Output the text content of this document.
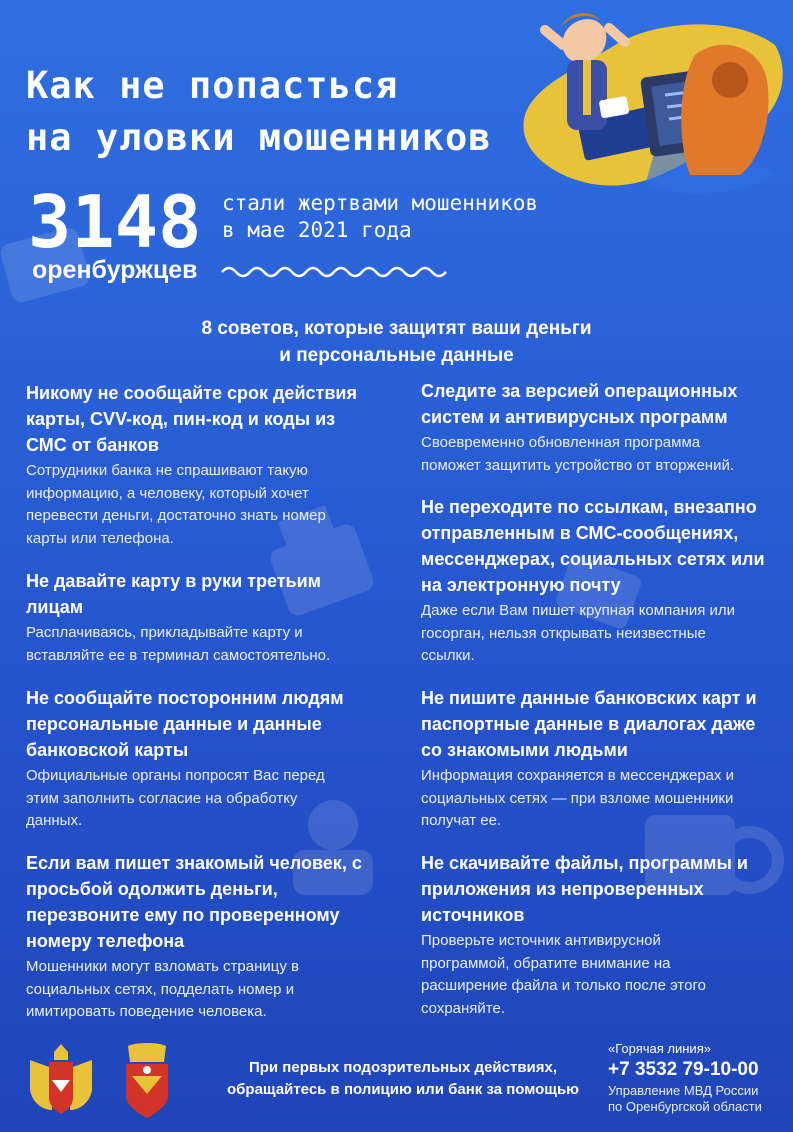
Как не попасться
на уловки мошенников
3148
оренбуржцев
стали жертвами мошенников
в мае 2021 года
8 советов, которые защитят ваши деньги
и персональные данные
Никому не сообщайте срок действия
карты, CVV-код, пин-код и коды из
СМС от банков

Сотрудники банка не спрашивают такую
информацию, а человеку, который хочет
перевести деньги, достаточно знать номер
карты или телефона.

Не давайте карту в руки третьим
лицам

Расплачиваясь, прикладывайте карту и
вставляйте ее в терминал самостоятельно.

Не сообщайте посторонним людям
персональные данные и данные
банковской карты

Официальные органы попросят Вас перед
этим заполнить согласие на обработку
данных.

Если вам пишет знакомый человек, с
просьбой одолжить деньги,
перезвоните ему по проверенному
номеру телефона

Мошенники могут взломать страницу в
социальных сетях, подделать номер и
имитировать поведение человека.

Следите за версией операционных
систем и антивирусных программ

Своевременно обновленная программа
поможет защитить устройство от вторжений.

Не переходите по ссылкам, внезапно
отправленным в СМС-сообщениях,
мессенджерах, социальных сетях или
на электронную почту

Даже если Вам пишет крупная компания или
госорган, нельзя открывать неизвестные
ссылки.

Не пишите данные банковских карт и
паспортные данные в диалогах даже
со знакомыми людьми

Информация сохраняется в мессенджерах и
социальных сетях — при взломе мошенники
получат ее.

Не скачивайте файлы, программы и
приложения из непроверенных
источников

Проверьте источник антивирусной
программой, обратите внимание на
расширение файла и только после этого
сохраняйте.

При первых подозрительных действиях,
обращайтесь в полицию или банк за помощью
«Горячая линия»
+7 3532 79-10-00
Управление МВД России
по Оренбургской области
